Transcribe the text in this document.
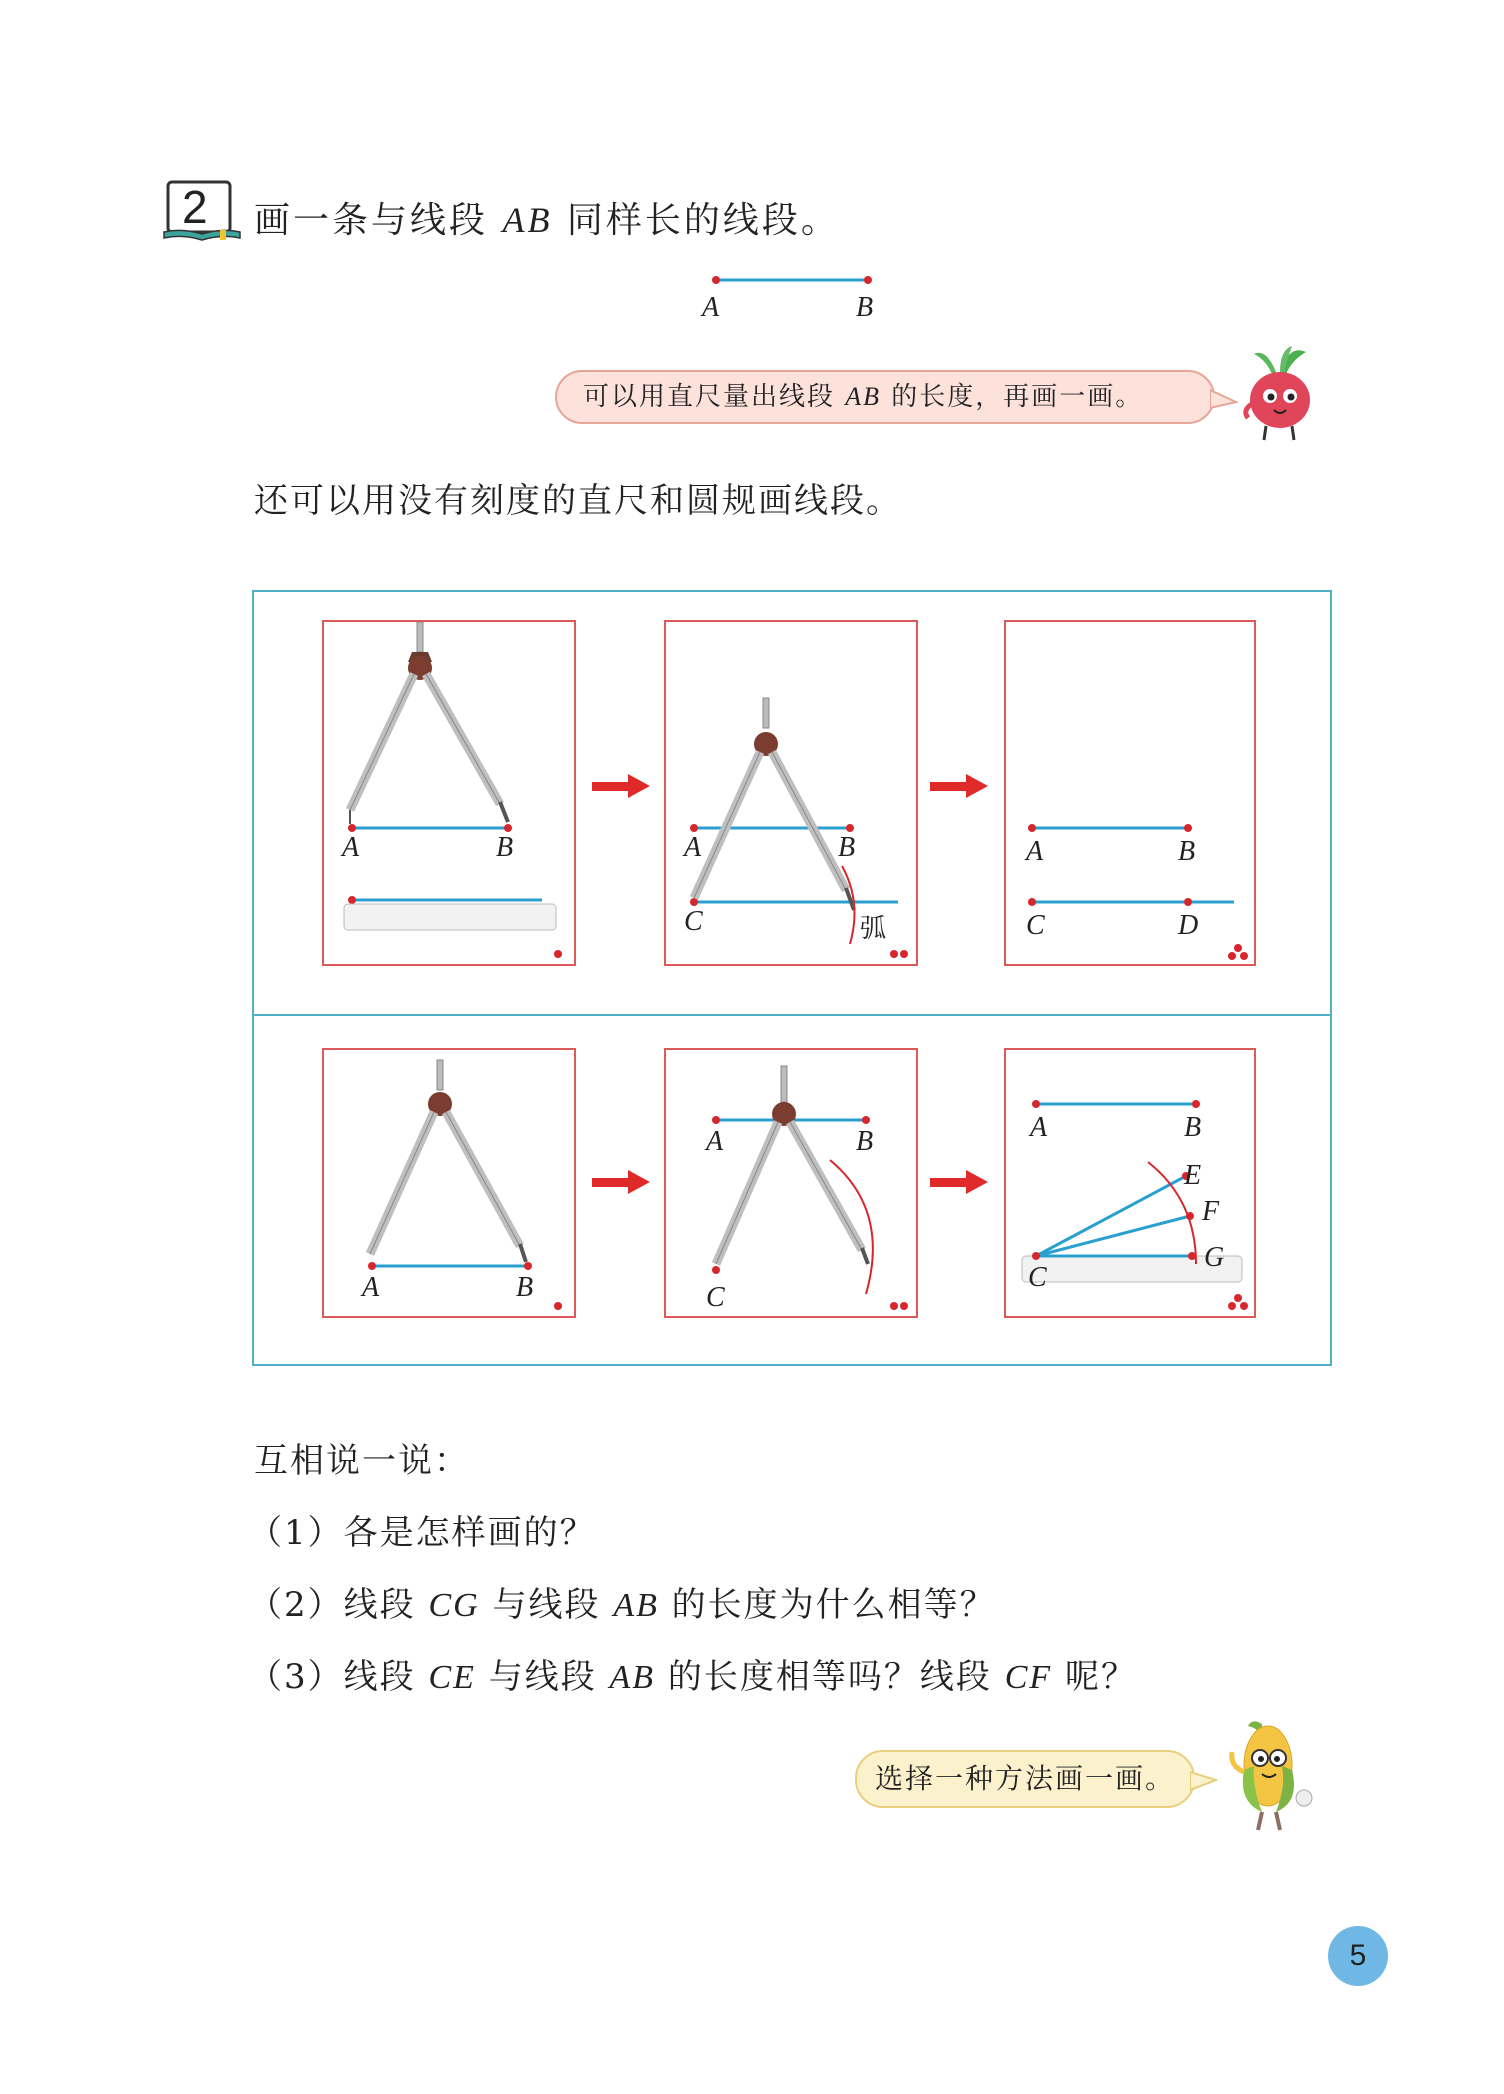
2 画一条与线段 AB 同样长的线段。
A	B
可以用直尺量出线段 AB 的长度，再画一画。
还可以用没有刻度的直尺和圆规画线段。
A	B	A	B
C	弧
A	B
C	D
A	B
A	B
C
A	B
C
E
F
G
互相说一说：
（1）各是怎样画的？
（2）线段 CG 与线段 AB 的长度为什么相等？
（3）线段 CE 与线段 AB 的长度相等吗？线段 CF 呢？
选择一种方法画一画。
5
